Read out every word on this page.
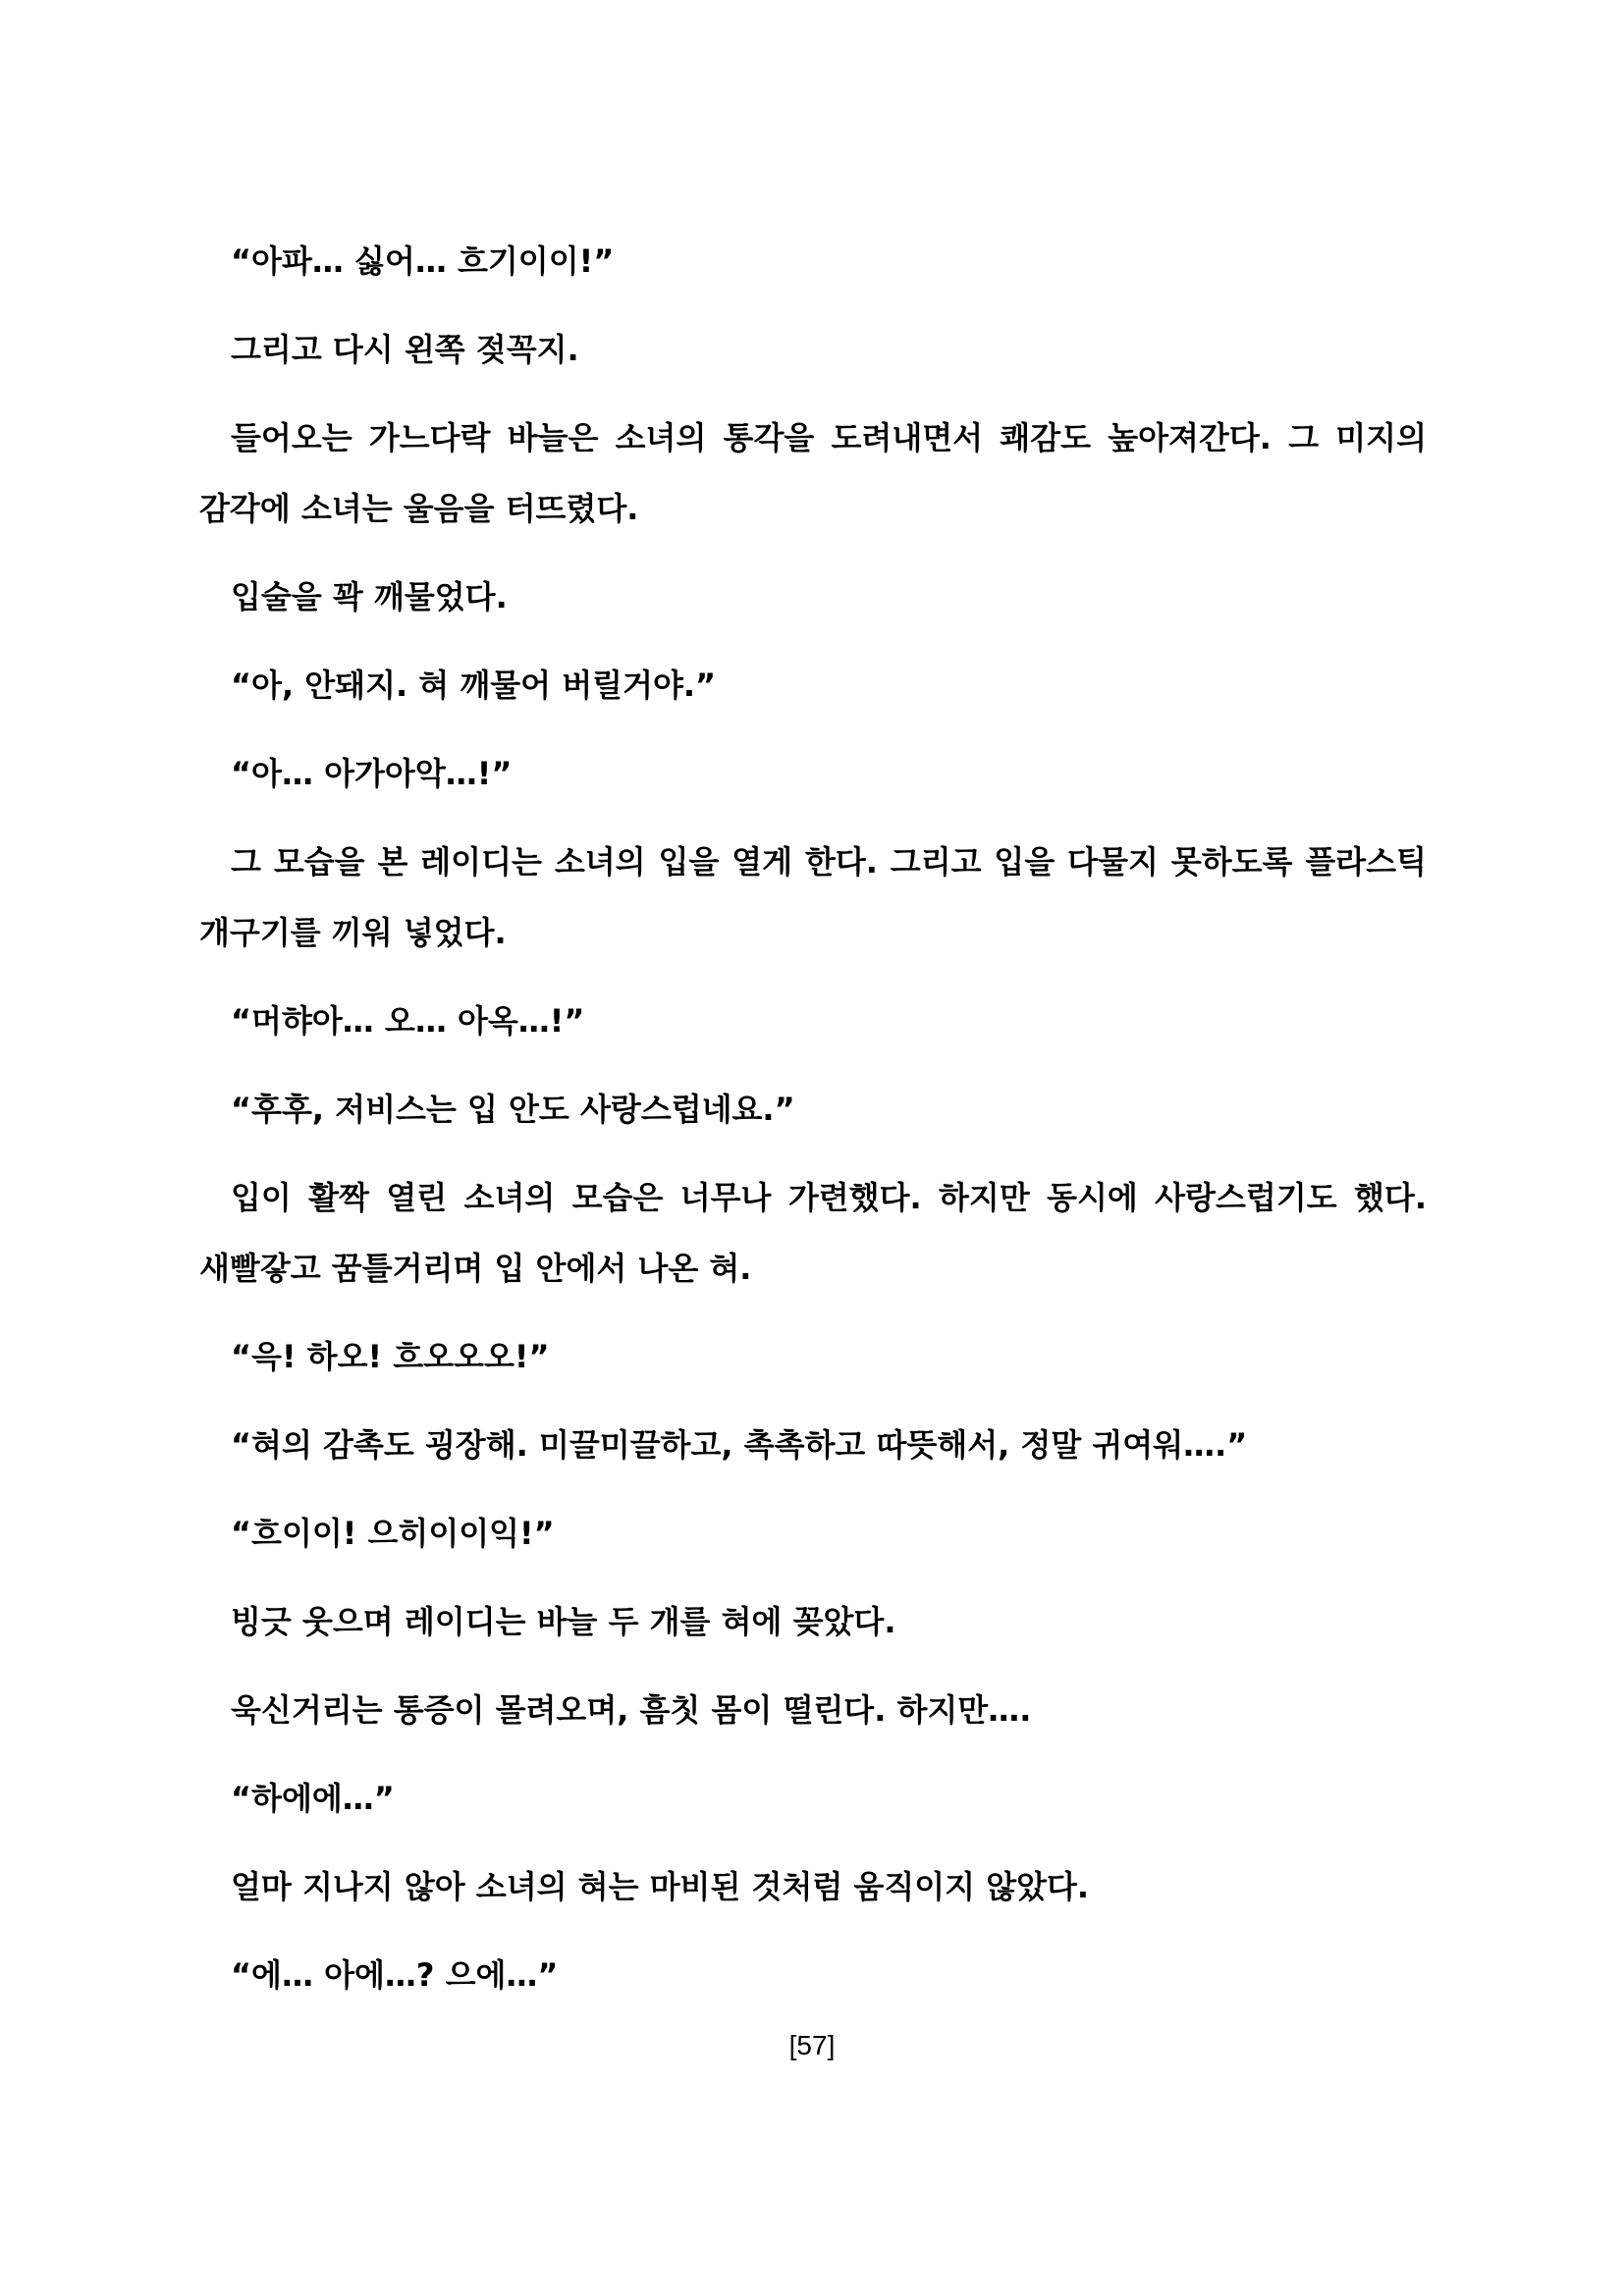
“아파… 싫어… 흐기이이!”

그리고 다시 왼쪽 젖꼭지.

들어오는 가느다락 바늘은 소녀의 통각을 도려내면서 쾌감도 높아져간다. 그 미지의 감각에 소녀는 울음을 터뜨렸다.

입술을 꽉 깨물었다.

“아, 안돼지. 혀 깨물어 버릴거야.”

“아… 아가아악…!”

그 모습을 본 레이디는 소녀의 입을 열게 한다. 그리고 입을 다물지 못하도록 플라스틱 개구기를 끼워 넣었다.

“머햐아… 오… 아옥…!”

“후후, 저비스는 입 안도 사랑스럽네요.”

입이 활짝 열린 소녀의 모습은 너무나 가련했다. 하지만 동시에 사랑스럽기도 했다. 새빨갛고 꿈틀거리며 입 안에서 나온 혀.

“윽! 하오! 흐오오오!”

“혀의 감촉도 굉장해. 미끌미끌하고, 촉촉하고 따뜻해서, 정말 귀여워….”

“흐이이! 으히이이익!”

빙긋 웃으며 레이디는 바늘 두 개를 혀에 꽂았다.

욱신거리는 통증이 몰려오며, 흠칫 몸이 떨린다. 하지만….

“하에에…”

얼마 지나지 않아 소녀의 혀는 마비된 것처럼 움직이지 않았다.

“에… 아에…? 으에…”

[57]
